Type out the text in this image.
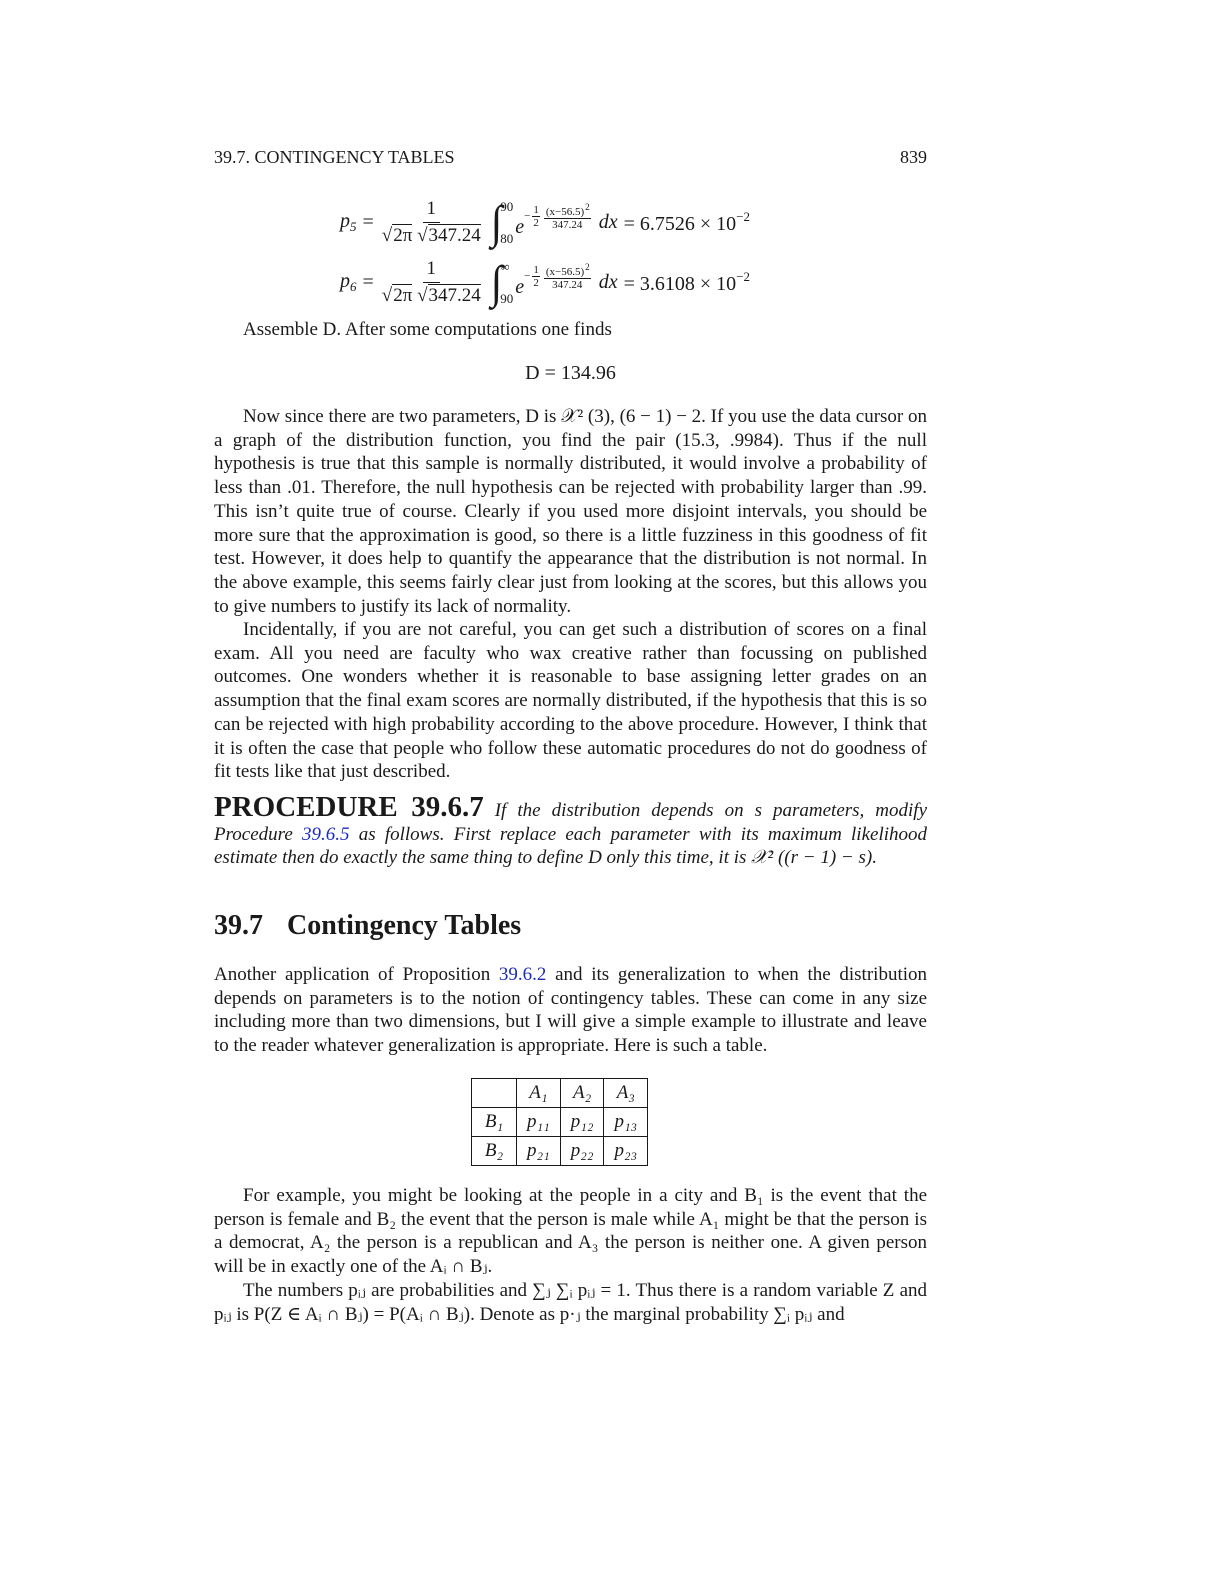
39.7. CONTINGENCY TABLES	839
$p_5 = \frac{1}{√2\pi √347.24}$ ∫
90
80 $e - \frac{1}{2} \frac{(x-56.5)^2}{347.24}$ dx = $6.7526 \times 10^{-2}$
$p_6 = \frac{1}{√2\pi √347.24}$ ∫
∞
90 $e - \frac{1}{2} \frac{(x-56.5)^2}{347.24}$ dx = $3.6108 \times 10^{-2}$
Assemble D. After some computations one finds
D = 134.96

Now since there are two parameters, D is 𝒳² (3), (6 − 1) − 2. If you use the data cursor on a graph of the distribution function, you find the pair (15.3, .9984). Thus if the null hypothesis is true that this sample is normally distributed, it would involve a probability of less than .01. Therefore, the null hypothesis can be rejected with probability larger than .99. This isn’t quite true of course. Clearly if you used more disjoint intervals, you should be more sure that the approximation is good, so there is a little fuzziness in this goodness of fit test. However, it does help to quantify the appearance that the distribution is not normal. In the above example, this seems fairly clear just from looking at the scores, but this allows you to give numbers to justify its lack of normality.

Incidentally, if you are not careful, you can get such a distribution of scores on a final exam. All you need are faculty who wax creative rather than focussing on published outcomes. One wonders whether it is reasonable to base assigning letter grades on an assumption that the final exam scores are normally distributed, if the hypothesis that this is so can be rejected with high probability according to the above procedure. However, I think that it is often the case that people who follow these automatic procedures do not do goodness of fit tests like that just described.

PROCEDURE 39.6.7 If the distribution depends on s parameters, modify Procedure 39.6.5 as follows. First replace each parameter with its maximum likelihood estimate then do exactly the same thing to define D only this time, it is 𝒳² ((r − 1) − s).
39.7 Contingency Tables

Another application of Proposition 39.6.2 and its generalization to when the distribution depends on parameters is to the notion of contingency tables. These can come in any size including more than two dimensions, but I will give a simple example to illustrate and leave to the reader whatever generalization is appropriate. Here is such a table.

	A₁	A₂	A₃
B₁	p₁₁	p₁₂	p₁₃
B₂	p₂₁	p₂₂	p₂₃

For example, you might be looking at the people in a city and B₁ is the event that the person is female and B₂ the event that the person is male while A₁ might be that the person is a democrat, A₂ the person is a republican and A₃ the person is neither one. A given person will be in exactly one of the Aᵢ ∩ Bⱼ.

The numbers pᵢⱼ are probabilities and ∑ⱼ ∑ᵢ pᵢⱼ = 1. Thus there is a random variable Z and pᵢⱼ is P(Z ∈ Aᵢ ∩ Bⱼ) = P(Aᵢ ∩ Bⱼ). Denote as p·ⱼ the marginal probability ∑ᵢ pᵢⱼ and
